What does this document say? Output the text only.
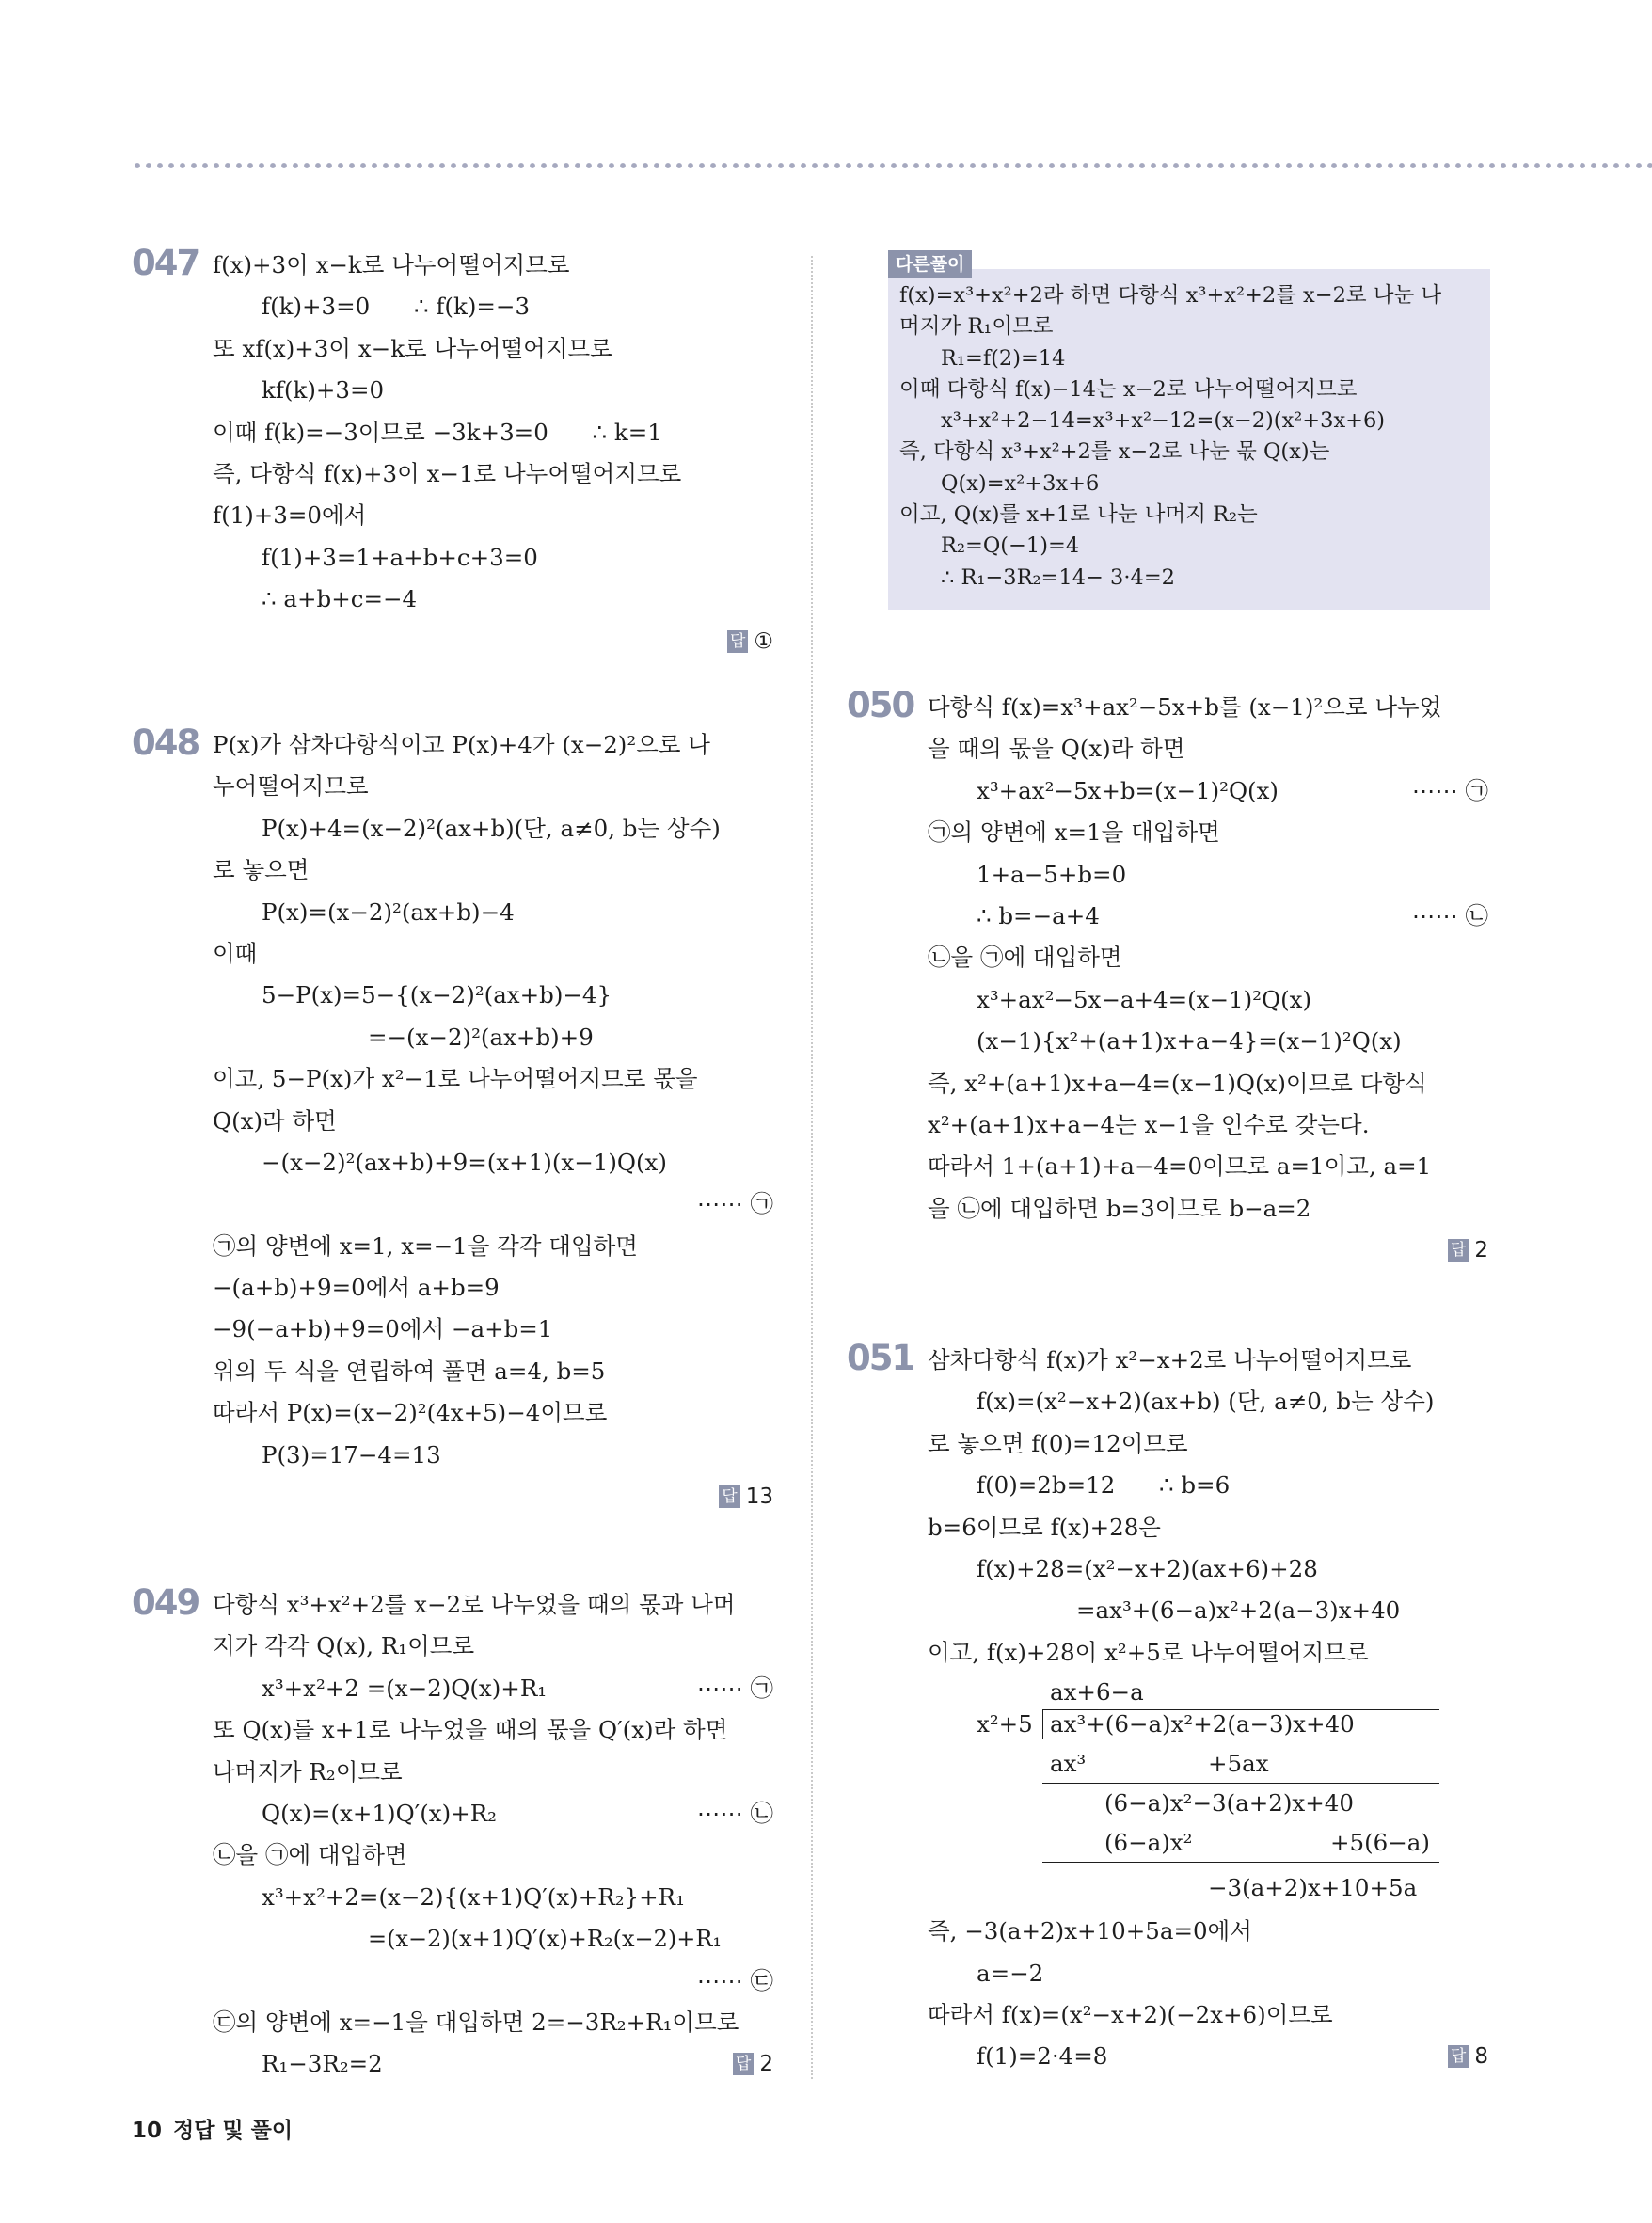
047 f(x)+3이 x−k로 나누어떨어지므로
f(k)+3=0      ∴ f(k)=−3
또 xf(x)+3이 x−k로 나누어떨어지므로
kf(k)+3=0
이때 f(k)=−3이므로 −3k+3=0      ∴ k=1
즉, 다항식 f(x)+3이 x−1로 나누어떨어지므로
f(1)+3=0에서
f(1)+3=1+a+b+c+3=0
∴ a+b+c=−4
답 ①
048 P(x)가 삼차다항식이고 P(x)+4가 (x−2)²으로 나
누어떨어지므로
P(x)+4=(x−2)²(ax+b)(단, a≠0, b는 상수)
로 놓으면
P(x)=(x−2)²(ax+b)−4
이때
5−P(x)=5−{(x−2)²(ax+b)−4}
=−(x−2)²(ax+b)+9
이고, 5−P(x)가 x²−1로 나누어떨어지므로 몫을
Q(x)라 하면
−(x−2)²(ax+b)+9=(x+1)(x−1)Q(x)
⋯⋯ ㉠
㉠의 양변에 x=1, x=−1을 각각 대입하면
−(a+b)+9=0에서 a+b=9
−9(−a+b)+9=0에서 −a+b=1
위의 두 식을 연립하여 풀면 a=4, b=5
따라서 P(x)=(x−2)²(4x+5)−4이므로
P(3)=17−4=13
답 13
049 다항식 x³+x²+2를 x−2로 나누었을 때의 몫과 나머
지가 각각 Q(x), R₁이므로
x³+x²+2 =(x−2)Q(x)+R₁	⋯⋯ ㉠
또 Q(x)를 x+1로 나누었을 때의 몫을 Q′(x)라 하면
나머지가 R₂이므로
Q(x)=(x+1)Q′(x)+R₂	⋯⋯ ㉡
㉡을 ㉠에 대입하면
x³+x²+2=(x−2){(x+1)Q′(x)+R₂}+R₁
=(x−2)(x+1)Q′(x)+R₂(x−2)+R₁
⋯⋯ ㉢
㉢의 양변에 x=−1을 대입하면 2=−3R₂+R₁이므로
R₁−3R₂=2	답 2
f(x)=x³+x²+2라 하면 다항식 x³+x²+2를 x−2로 나눈 나
머지가 R₁이므로
R₁=f(2)=14
이때 다항식 f(x)−14는 x−2로 나누어떨어지므로
x³+x²+2−14=x³+x²−12=(x−2)(x²+3x+6)
즉, 다항식 x³+x²+2를 x−2로 나눈 몫 Q(x)는
Q(x)=x²+3x+6
이고, Q(x)를 x+1로 나눈 나머지 R₂는
R₂=Q(−1)=4
∴ R₁−3R₂=14− 3·4=2
다른풀이
050 다항식 f(x)=x³+ax²−5x+b를 (x−1)²으로 나누었
을 때의 몫을 Q(x)라 하면
x³+ax²−5x+b=(x−1)²Q(x)	⋯⋯ ㉠
㉠의 양변에 x=1을 대입하면
1+a−5+b=0
∴ b=−a+4	⋯⋯ ㉡
㉡을 ㉠에 대입하면
x³+ax²−5x−a+4=(x−1)²Q(x)
(x−1){x²+(a+1)x+a−4}=(x−1)²Q(x)
즉, x²+(a+1)x+a−4=(x−1)Q(x)이므로 다항식
x²+(a+1)x+a−4는 x−1을 인수로 갖는다.
따라서 1+(a+1)+a−4=0이므로 a=1이고, a=1
을 ㉡에 대입하면 b=3이므로 b−a=2
답 2
051 삼차다항식 f(x)가 x²−x+2로 나누어떨어지므로
f(x)=(x²−x+2)(ax+b) (단, a≠0, b는 상수)
로 놓으면 f(0)=12이므로
f(0)=2b=12      ∴ b=6
b=6이므로 f(x)+28은
f(x)+28=(x²−x+2)(ax+6)+28
=ax³+(6−a)x²+2(a−3)x+40
이고, f(x)+28이 x²+5로 나누어떨어지므로
ax+6−a
x²+5 ax³+(6−a)x²+2(a−3)x+40
ax³	+5ax
(6−a)x²−3(a+2)x+40
(6−a)x²	+5(6−a)
−3(a+2)x+10+5a
즉, −3(a+2)x+10+5a=0에서
a=−2
따라서 f(x)=(x²−x+2)(−2x+6)이므로
f(1)=2·4=8	답 8
10 정답 및 풀이
